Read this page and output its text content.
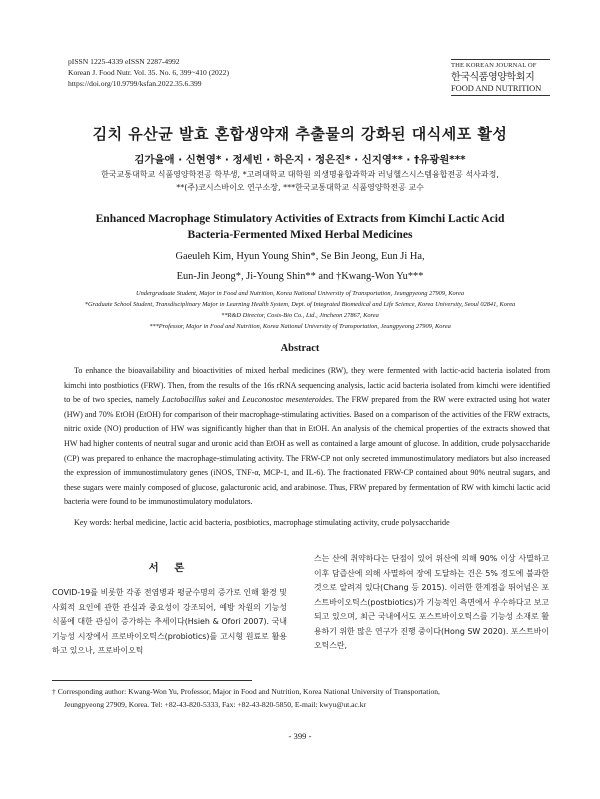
pISSN 1225-4339 eISSN 2287-4992
Korean J. Food Nutr. Vol. 35. No. 6, 399~410 (2022)
https://doi.org/10.9799/ksfan.2022.35.6.399
THE KOREAN JOURNAL OF
한국식품영양학회지
FOOD AND NUTRITION
김치 유산균 발효 혼합생약재 추출물의 강화된 대식세포 활성
김가을애 · 신현영* · 정세빈 · 하은지 · 정은진* · 신지영** · †유광원***
한국교통대학교 식품영양학전공 학부생, *고려대학교 대학원 의생명융합과학과 러닝헬스시스템융합전공 석사과정,
**(주)코시스바이오 연구소장, ***한국교통대학교 식품영양학전공 교수
Enhanced Macrophage Stimulatory Activities of Extracts from Kimchi Lactic Acid
Bacteria-Fermented Mixed Herbal Medicines
Gaeuleh Kim, Hyun Young Shin*, Se Bin Jeong, Eun Ji Ha,
Eun-Jin Jeong*, Ji-Young Shin** and †Kwang-Won Yu***
Undergraduate Student, Major in Food and Nutrition, Korea National University of Transportation, Jeungpyeong 27909, Korea
*Graduate School Student, Transdisciplinary Major in Learning Health System, Dept. of Integrated Biomedical and Life Science, Korea University, Seoul 02841, Korea
**R&D Director, Cosis-Bio Co., Ltd., Jincheon 27867, Korea
***Professor, Major in Food and Nutrition, Korea National University of Transportation, Jeungpyeong 27909, Korea
Abstract
To enhance the bioavailability and bioactivities of mixed herbal medicines (RW), they were fermented with lactic-acid bacteria isolated from kimchi into postbiotics (FRW). Then, from the results of the 16s rRNA sequencing analysis, lactic acid bacteria isolated from kimchi were identified to be of two species, namely Lactobacillus sakei and Leuconostoc mesenteroides. The FRW prepared from the RW were extracted using hot water (HW) and 70% EtOH (EtOH) for comparison of their macrophage-stimulating activities. Based on a comparison of the activities of the FRW extracts, nitric oxide (NO) production of HW was significantly higher than that in EtOH. An analysis of the chemical properties of the extracts showed that HW had higher contents of neutral sugar and uronic acid than EtOH as well as contained a large amount of glucose. In addition, crude polysaccharide (CP) was prepared to enhance the macrophage-stimulating activity. The FRW-CP not only secreted immunostimulatory mediators but also increased the expression of immunostimulatory genes (iNOS, TNF-α, MCP-1, and IL-6). The fractionated FRW-CP contained about 90% neutral sugars, and these sugars were mainly composed of glucose, galacturonic acid, and arabinose. Thus, FRW prepared by fermentation of RW with kimchi lactic acid bacteria were found to be immunostimulatory modulators.
Key words: herbal medicine, lactic acid bacteria, postbiotics, macrophage stimulating activity, crude polysaccharide
서 론
COVID-19를 비롯한 각종 전염병과 평균수명의 증가로 인해 환경 및 사회적 요인에 관한 관심과 중요성이 강조되어, 예방 차원의 기능성 식품에 대한 관심이 증가하는 추세이다(Hsieh & Ofori 2007). 국내 기능성 시장에서 프로바이오틱스(probiotics)를 고시형 원료로 활용하고 있으나, 프로바이오틱
스는 산에 취약하다는 단점이 있어 위산에 의해 90% 이상 사멸하고 이후 담즙산에 의해 사멸하여 장에 도달하는 건은 5% 정도에 불과한 것으로 알려져 있다(Chang 등 2015). 이러한 한계점을 뛰어넘은 포스트바이오틱스(postbiotics)가 기능적인 측면에서 우수하다고 보고되고 있으며, 최근 국내에서도 포스트바이오틱스를 기능성 소재로 활용하기 위한 많은 연구가 진행 중이다(Hong SW 2020). 포스트바이오틱스란,
† Corresponding author: Kwang-Won Yu, Professor, Major in Food and Nutrition, Korea National University of Transportation,
Jeungpyeong 27909, Korea. Tel: +82-43-820-5333, Fax: +82-43-820-5850, E-mail: kwyu@ut.ac.kr
- 399 -
